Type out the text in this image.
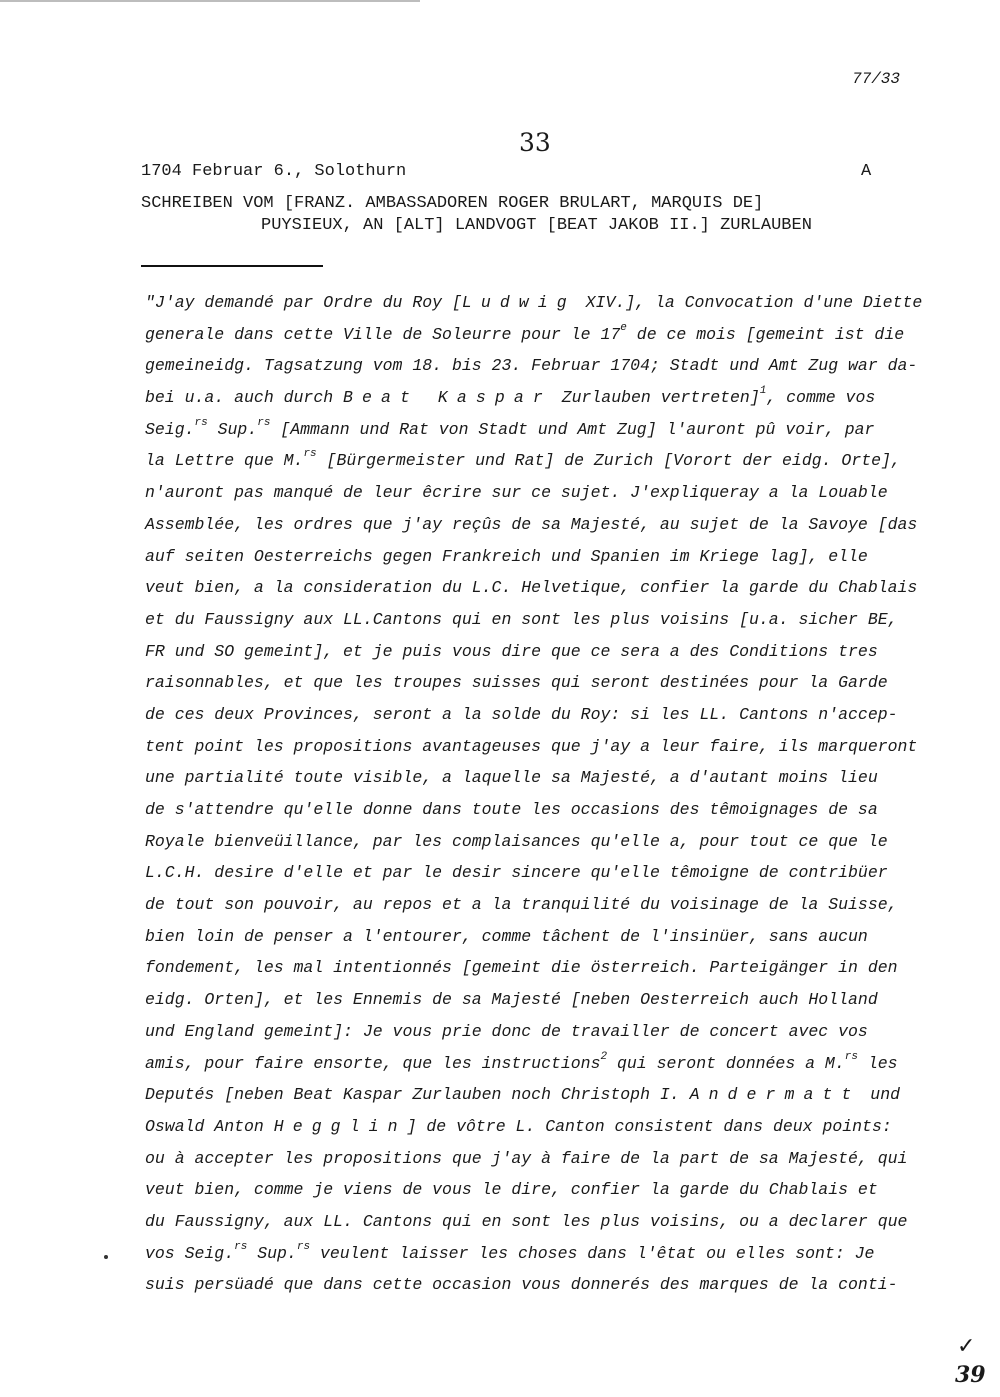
77/33
33
1704 Februar 6., Solothurn	A
SCHREIBEN VOM [FRANZ. AMBASSADOREN ROGER BRULART, MARQUIS DE]
PUYSIEUX, AN [ALT] LANDVOGT [BEAT JAKOB II.] ZURLAUBEN
"J'ay demandé par Ordre du Roy [Ludwig XIV.], la Convocation d'une Diette
generale dans cette Ville de Soleurre pour le 17e de ce mois [gemeint ist die
gemeineidg. Tagsatzung vom 18. bis 23. Februar 1704; Stadt und Amt Zug war da-
bei u.a. auch durch Beat Kaspar Zurlauben vertreten]$^1$, comme vos
Seig.$^{rs}$ Sup.$^{rs}$ [Ammann und Rat von Stadt und Amt Zug] l'auront pû voir, par
la Lettre que M.$^{rs}$ [Bürgermeister und Rat] de Zurich [Vorort der eidg. Orte],
n'auront pas manqué de leur êcrire sur ce sujet. J'expliqueray a la Louable
Assemblée, les ordres que j'ay reçûs de sa Majesté, au sujet de la Savoye [das
auf seiten Oesterreichs gegen Frankreich und Spanien im Kriege lag], elle
veut bien, a la consideration du L.C. Helvetique, confier la garde du Chablais
et du Faussigny aux LL.Cantons qui en sont les plus voisins [u.a. sicher BE,
FR und SO gemeint], et je puis vous dire que ce sera a des Conditions tres
raisonnables, et que les troupes suisses qui seront destinées pour la Garde
de ces deux Provinces, seront a la solde du Roy: si les LL. Cantons n'accep-
tent point les propositions avantageuses que j'ay a leur faire, ils marqueront
une partialité toute visible, a laquelle sa Majesté, a d'autant moins lieu
de s'attendre qu'elle donne dans toute les occasions des têmoignages de sa
Royale bienveüillance, par les complaisances qu'elle a, pour tout ce que le
L.C.H. desire d'elle et par le desir sincere qu'elle têmoigne de contribüer
de tout son pouvoir, au repos et a la tranquilité du voisinage de la Suisse,
bien loin de penser a l'entourer, comme tâchent de l'insinüer, sans aucun
fondement, les mal intentionnés [gemeint die österreich. Parteigänger in den
eidg. Orten], et les Ennemis de sa Majesté [neben Oesterreich auch Holland
und England gemeint]: Je vous prie donc de travailler de concert avec vos
amis, pour faire ensorte, que les instructions$^2$ qui seront données a M.$^{rs}$ les
Deputés [neben Beat Kaspar Zurlauben noch Christoph I. Andermatt und
Oswald Anton Hegglin] de vôtre L. Canton consistent dans deux points:
ou à accepter les propositions que j'ay à faire de la part de sa Majesté, qui
veut bien, comme je viens de vous le dire, confier la garde du Chablais et
du Faussigny, aux LL. Cantons qui en sont les plus voisins, ou a declarer que
vos Seig.$^{rs}$ Sup.$^{rs}$ veulent laisser les choses dans l'êtat ou elles sont: Je
suis persüadé que dans cette occasion vous donnerés des marques de la conti-
✓
39
